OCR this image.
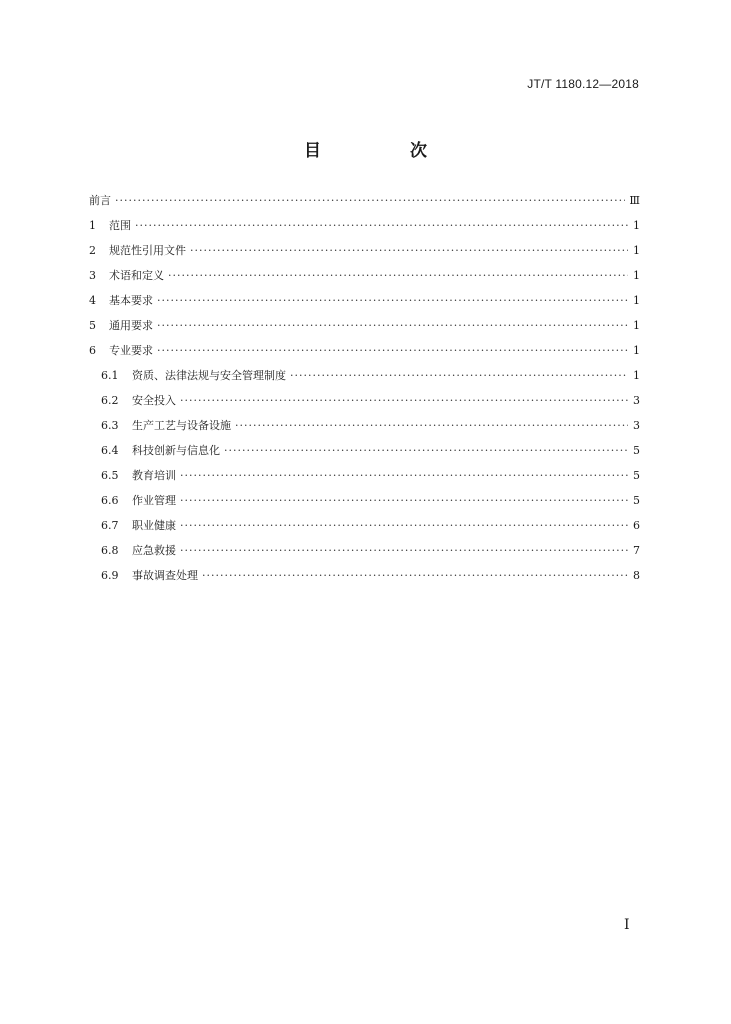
JT/T 1180.12—2018
目　次
前言 ·····	Ⅲ
1	范围 ·····	1
2	规范性引用文件 ·····	1
3	术语和定义 ·····	1
4	基本要求 ·····	1
5	通用要求 ·····	1
6	专业要求 ·····	1
6.1	资质、法律法规与安全管理制度 ·····	1
6.2	安全投入 ·····	3
6.3	生产工艺与设备设施 ·····	3
6.4	科技创新与信息化 ·····	5
6.5	教育培训 ·····	5
6.6	作业管理 ·····	5
6.7	职业健康 ·····	6
6.8	应急救援 ·····	7
6.9	事故调查处理 ·····	8
Ⅰ
